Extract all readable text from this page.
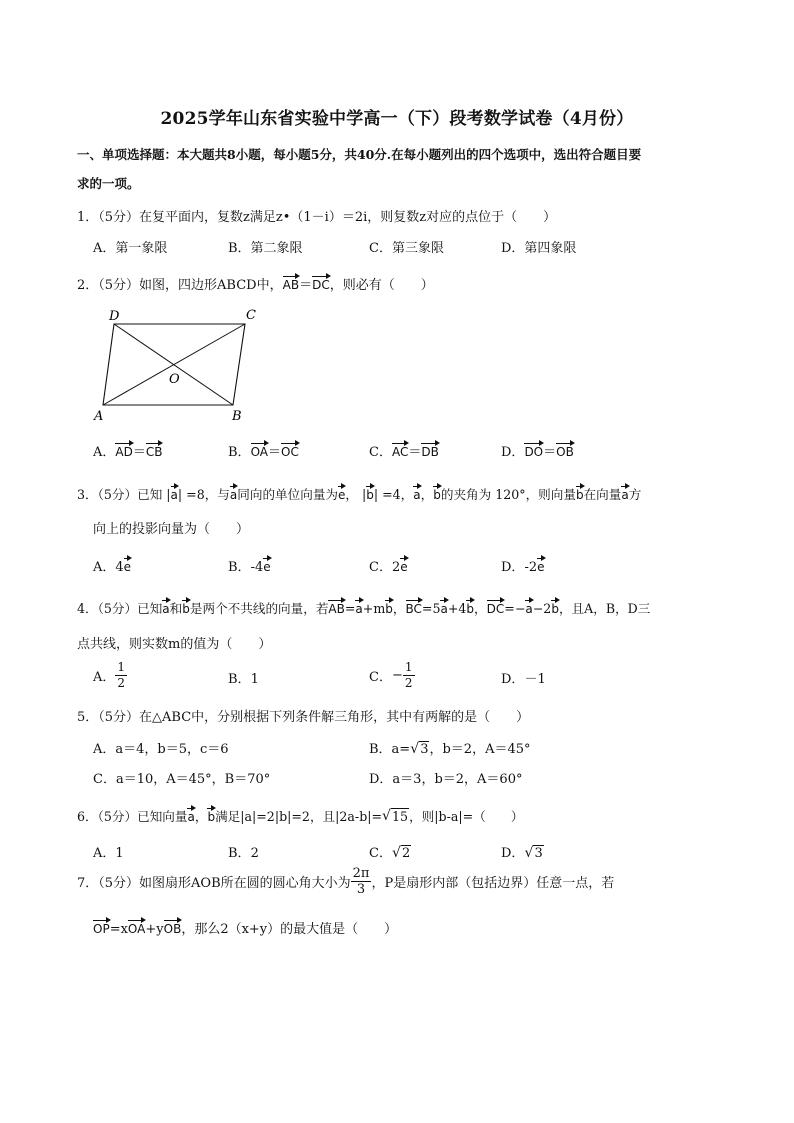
2025学年山东省实验中学高一（下）段考数学试卷（4月份）
一、单项选择题：本大题共8小题，每小题5分，共40分.在每小题列出的四个选项中，选出符合题目要
求的一项。
1．（5分）在复平面内，复数z满足z•（1－i）＝2i，则复数z对应的点位于（　　）
A．第一象限	B．第二象限	C．第三象限	D．第四象限
2．（5分）如图，四边形ABCD中，AB＝DC，则必有（　　）
D	C
O
A	B
A．AD＝CB	B．OA＝OC	C．AC＝DB	D．DO＝OB
3．（5分）已知 |a| =8，与a同向的单位向量为e， |b| =4，a，b的夹角为 120°，则向量b在向量a方
向上的投影向量为（　　）
A．4e	B．-4e	C．2e	D．-2e
4．（5分）已知a和b是两个不共线的向量，若AB=a+mb，BC=5a+4b，DC=−a−2b，且A，B，D三
点共线，则实数m的值为（　　）
A． $\frac{1}{2}$	B．1	C．− $\frac{1}{2}$	D．－1
5．（5分）在△ABC中，分别根据下列条件解三角形，其中有两解的是（　　）
A．a＝4，b＝5，c＝6	B．a= √ 3，b＝2，A＝45°
C．a＝10，A＝45°，B＝70°	D．a＝3，b＝2，A＝60°
6．（5分）已知向量a，b满足|a|=2|b|=2，且|2a-b|= √ 15，则|b-a|=（　　）
A．1	B．2	C． √ 2	D． √ 3
7．（5分）如图扇形AOB所在圆的圆心角大小为 $\frac{2\pi}{3}$ ，P是扇形内部（包括边界）任意一点，若
OP=xOA+yOB，那么2（x+y）的最大值是（　　）
